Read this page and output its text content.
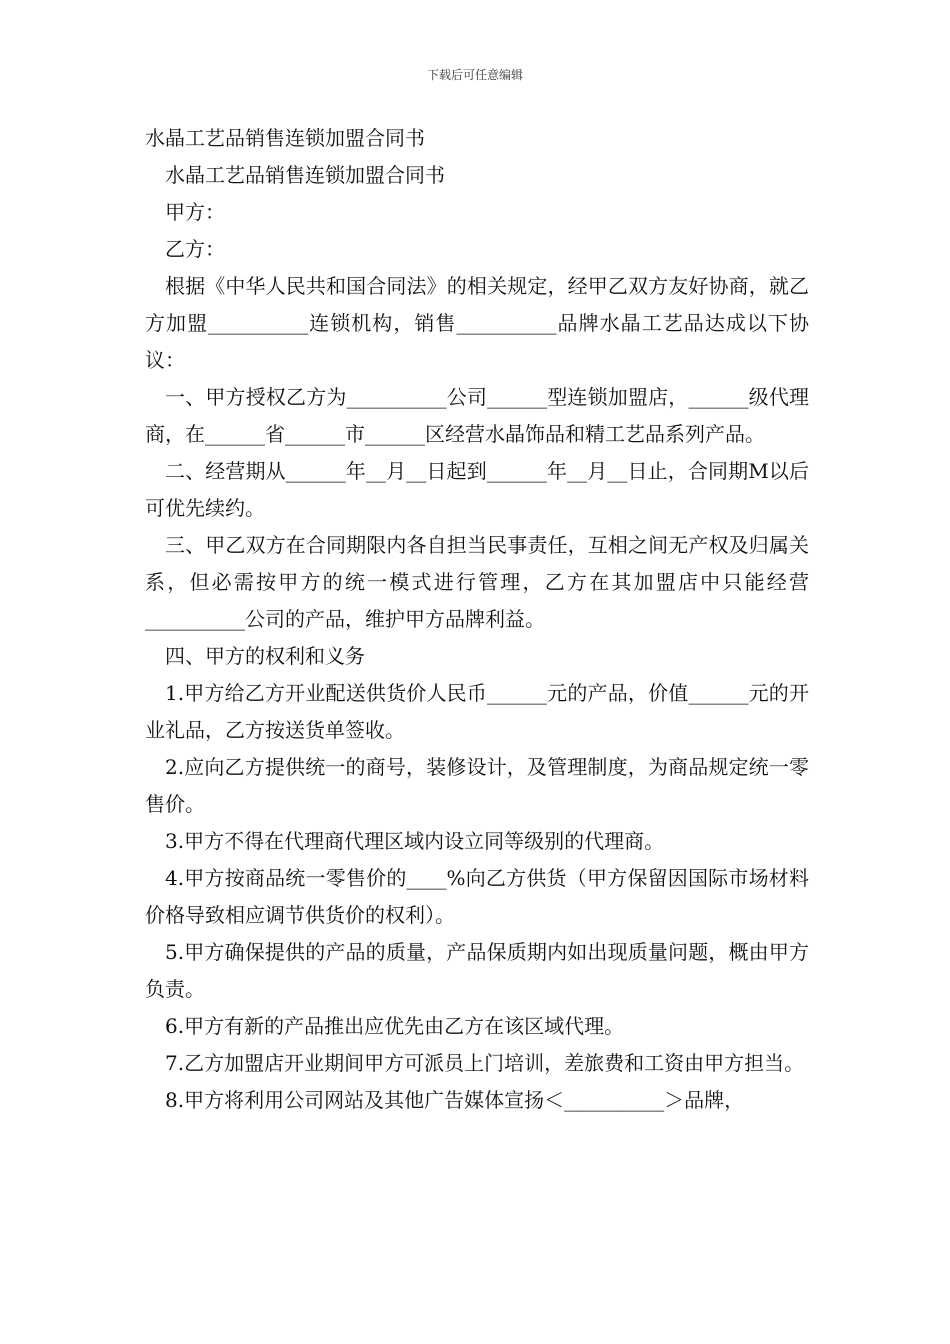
下载后可任意编辑

水晶工艺品销售连锁加盟合同书

水晶工艺品销售连锁加盟合同书

甲方：

乙方：

根据《中华人民共和国合同法》的相关规定，经甲乙双方友好协商，就乙方加盟__________连锁机构，销售__________品牌水晶工艺品达成以下协议：

一、甲方授权乙方为__________公司______型连锁加盟店，______级代理商，在______省______市______区经营水晶饰品和精工艺品系列产品。

二、经营期从______年__月__日起到______年__月__日止，合同期M以后可优先续约。

三、甲乙双方在合同期限内各自担当民事责任，互相之间无产权及归属关系，但必需按甲方的统一模式进行管理，乙方在其加盟店中只能经营__________公司的产品，维护甲方品牌利益。

四、甲方的权利和义务

1.甲方给乙方开业配送供货价人民币______元的产品，价值______元的开业礼品，乙方按送货单签收。

2.应向乙方提供统一的商号，装修设计，及管理制度，为商品规定统一零售价。

3.甲方不得在代理商代理区域内设立同等级别的代理商。

4.甲方按商品统一零售价的____%向乙方供货（甲方保留因国际市场材料价格导致相应调节供货价的权利）。

5.甲方确保提供的产品的质量，产品保质期内如出现质量问题，概由甲方负责。

6.甲方有新的产品推出应优先由乙方在该区域代理。

7.乙方加盟店开业期间甲方可派员上门培训，差旅费和工资由甲方担当。

8.甲方将利用公司网站及其他广告媒体宣扬＜__________＞品牌，
